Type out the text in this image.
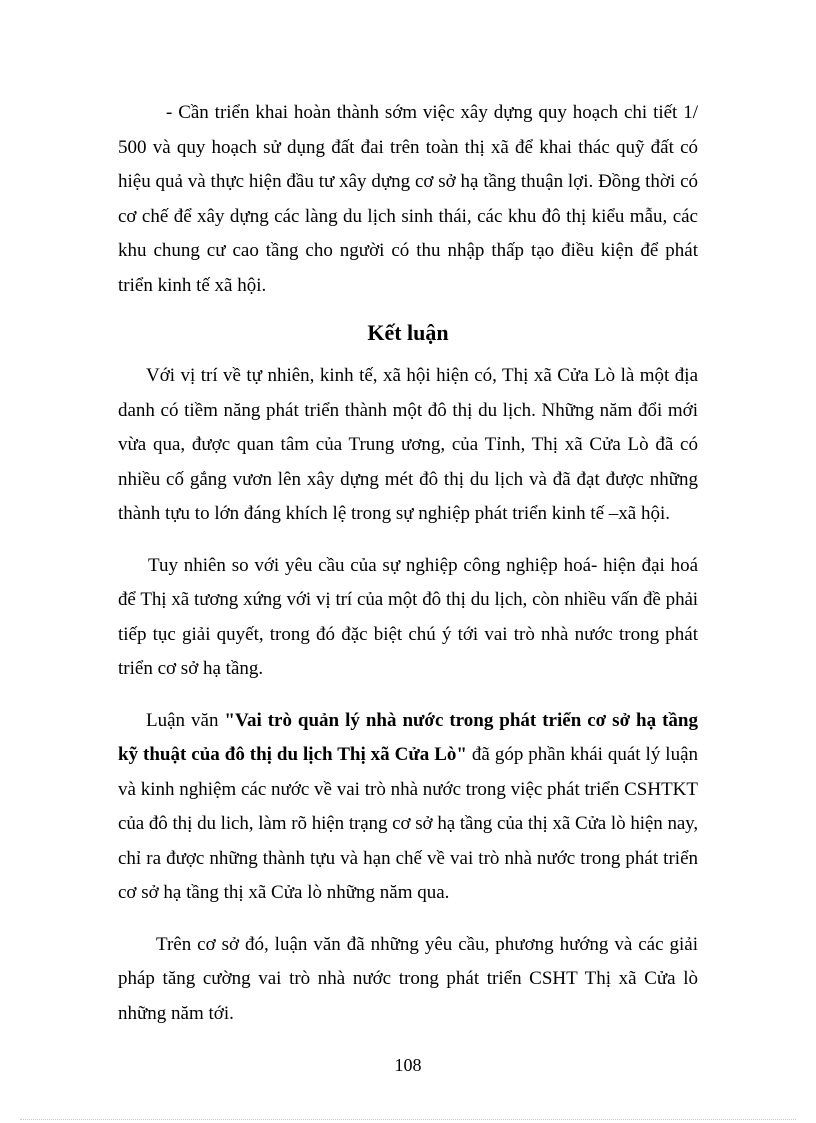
- Cần triển khai hoàn thành sớm việc xây dựng quy hoạch chi tiết 1/
500 và quy hoạch sử dụng đất đai trên toàn thị xã để khai thác quỹ đất có
hiệu quả và thực hiện đầu tư xây dựng cơ sở hạ tầng thuận lợi. Đồng thời có
cơ chế để xây dựng các làng du lịch sinh thái, các khu đô thị kiểu mẫu, các
khu chung cư cao tầng cho người có thu nhập thấp tạo điều kiện để phát
triển kinh tế xã hội.

Kết luận

Với vị trí về tự nhiên, kinh tế, xã hội hiện có, Thị xã Cửa Lò là một địa
danh có tiềm năng phát triển thành một đô thị du lịch. Những năm đổi mới
vừa qua, được quan tâm của Trung ương, của Tỉnh, Thị xã Cửa Lò đã có
nhiều cố gắng vươn lên xây dựng mét đô thị du lịch và đã đạt được những
thành tựu to lớn đáng khích lệ trong sự nghiệp phát triển kinh tế –xã hội.

Tuy nhiên so với yêu cầu của sự nghiệp công nghiệp hoá- hiện đại hoá
để Thị xã tương xứng với vị trí của một đô thị du lịch, còn nhiều vấn đề phải
tiếp tục giải quyết, trong đó đặc biệt chú ý tới vai trò nhà nước trong phát
triển cơ sở hạ tầng.

Luận văn "Vai trò quản lý nhà nước trong phát triển cơ sở hạ tầng
kỹ thuật của đô thị du lịch Thị xã Cửa Lò" đã góp phần khái quát lý luận
và kinh nghiệm các nước về vai trò nhà nước trong việc phát triển CSHTKT
của đô thị du lich, làm rõ hiện trạng cơ sở hạ tầng của thị xã Cửa lò hiện nay,
chỉ ra được những thành tựu và hạn chế về vai trò nhà nước trong phát triển
cơ sở hạ tầng thị xã Cửa lò những năm qua.

Trên cơ sở đó, luận văn đã những yêu cầu, phương hướng và các giải
pháp tăng cường vai trò nhà nước trong phát triển CSHT Thị xã Cửa lò
những năm tới.

108
